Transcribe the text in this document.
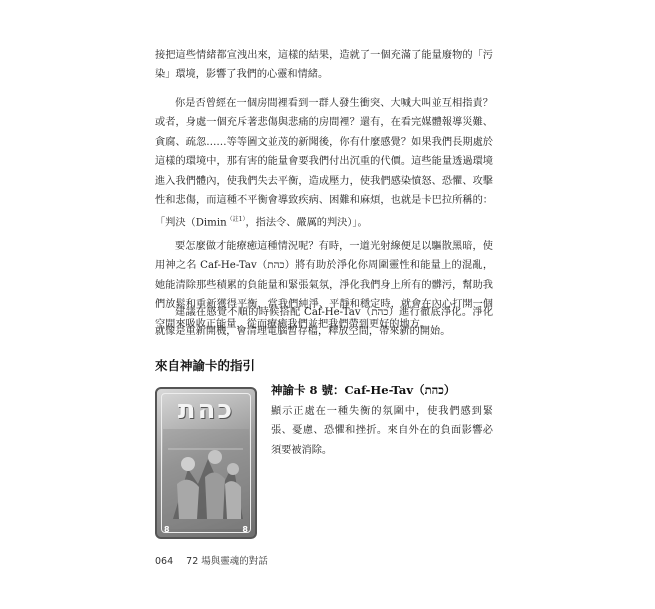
接把這些情緒都宣洩出來，這樣的結果，造就了一個充滿了能量廢物的「污染」環境，影響了我們的心靈和情緒。

你是否曾經在一個房間裡看到一群人發生衝突、大喊大叫並互相指責？或者，身處一個充斥著悲傷與悲痛的房間裡？還有，在看完媒體報導災難、貪腐、疏忽……等等圖文並茂的新聞後，你有什麼感覺？如果我們長期處於這樣的環境中，那有害的能量會要我們付出沉重的代價。這些能量透過環境進入我們體內，使我們失去平衡，造成壓力，使我們感染憤怒、恐懼、攻擊性和悲傷，而這種不平衡會導致疾病、困難和麻煩，也就是卡巴拉所稱的：「判決（Dimin$^{(註1)}$，指法令、嚴厲的判決）」。

要怎麼做才能療癒這種情況呢？有時，一道光射線便足以驅散黑暗，使用神之名 Caf-He-Tav（כהת）將有助於淨化你周圍靈性和能量上的混亂，她能清除那些積累的負能量和緊張氣氛，淨化我們身上所有的髒污，幫助我們放鬆和重新獲得平衡，當我們純淨、平靜和穩定時，就會在內心打開一個空間來吸收正能量，從而療癒我們並把我們帶到更好的地方。

建議在感覺不順的時候搭配 Caf-He-Tav（כהת）進行徹底淨化。淨化就像是重新開機，會清理電腦暫存檔，釋放空間，帶來新的開始。

來自神諭卡的指引
כהת
8	8
神諭卡 8 號：Caf-He-Tav（כהת）

顯示正處在一種失衡的氛圍中，使我們感到緊張、憂慮、恐懼和挫折。來自外在的負面影響必須要被消除。

064 72 場與靈魂的對話
